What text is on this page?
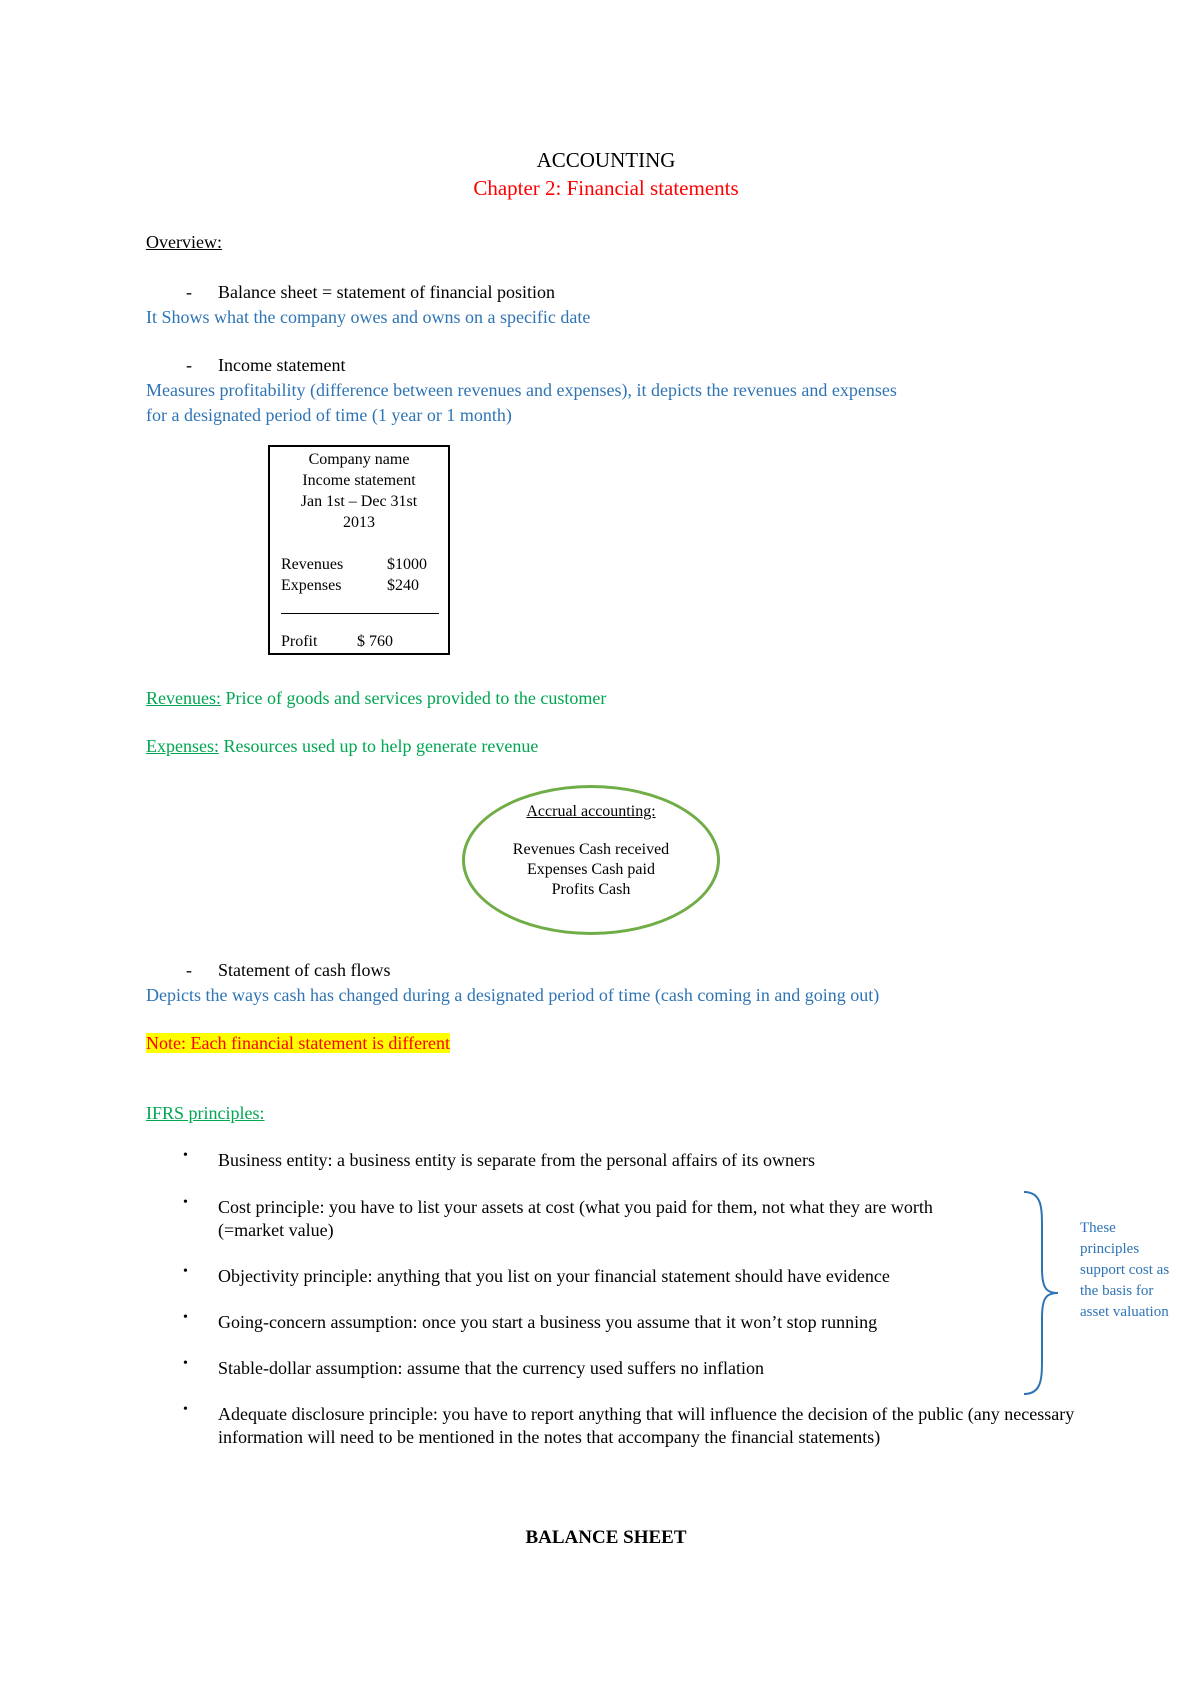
ACCOUNTING
Chapter 2: Financial statements
Overview:
- Balance sheet = statement of financial position
It Shows what the company owes and owns on a specific date
- Income statement
Measures profitability (difference between revenues and expenses), it depicts the revenues and expenses
for a designated period of time (1 year or 1 month)
Company name
Income statement
Jan 1st – Dec 31st
2013
Revenues	$1000
Expenses	$240
Profit $ 760
Revenues: Price of goods and services provided to the customer
Expenses: Resources used up to help generate revenue
Accrual accounting:
Revenues Cash received
Expenses Cash paid
Profits Cash
- Statement of cash flows
Depicts the ways cash has changed during a designated period of time (cash coming in and going out)
Note: Each financial statement is different
IFRS principles:
• Business entity: a business entity is separate from the personal affairs of its owners
• Cost principle: you have to list your assets at cost (what you paid for them, not what they are worth (=market value)
• Objectivity principle: anything that you list on your financial statement should have evidence
• Going-concern assumption: once you start a business you assume that it won’t stop running
• Stable-dollar assumption: assume that the currency used suffers no inflation
• Adequate disclosure principle: you have to report anything that will influence the decision of the public (any necessary information will need to be mentioned in the notes that accompany the financial statements)
These principles support cost as the basis for asset valuation
BALANCE SHEET
